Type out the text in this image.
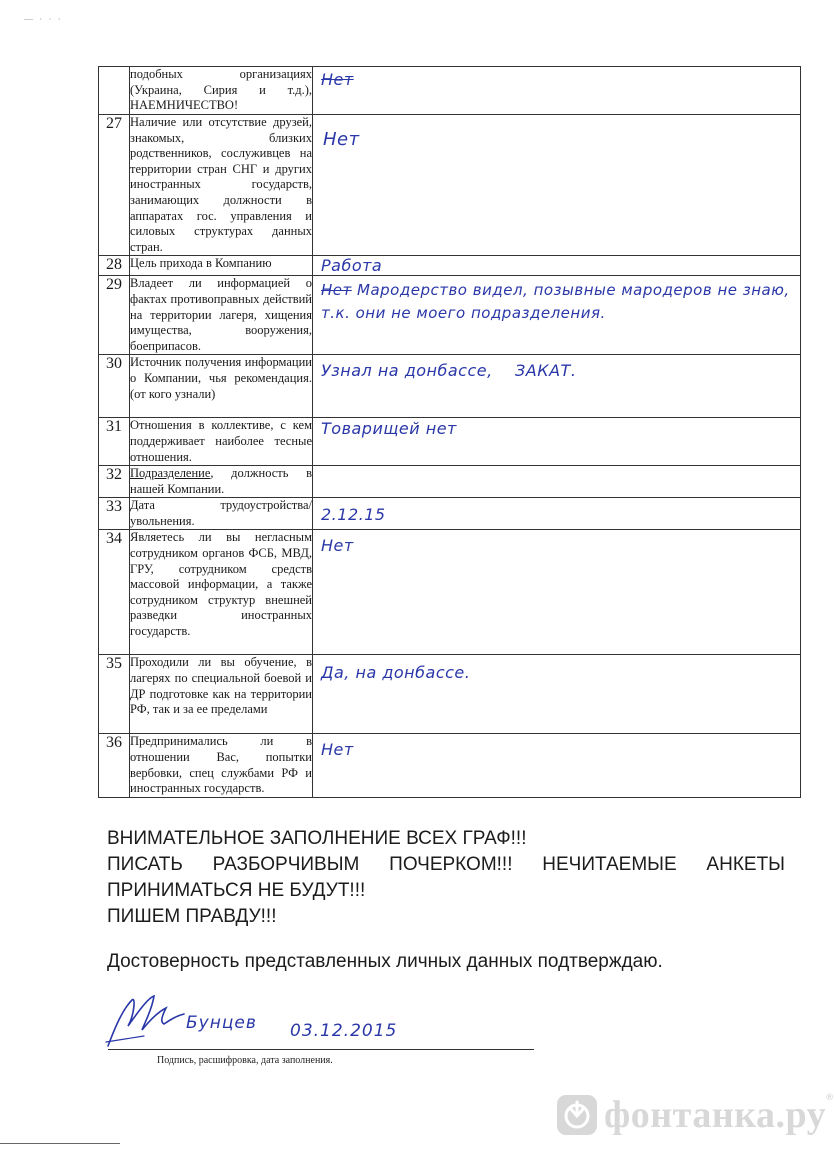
— · · ·
	подобных организациях (Украина, Сирия и т.д.), НАЕМНИЧЕСТВО!	Нет

27	Наличие или отсутствие друзей, знакомых, близких родственников, сослуживцев на территории стран СНГ и других иностранных государств, занимающих должности в аппаратах гос. управления и силовых структурах данных стран.	Нет

28	Цель прихода в Компанию	Работа

29	Владеет ли информацией о фактах противоправных действий на территории лагеря, хищения имущества, вооружения, боеприпасов.	Нет Мародерство видел, позывные мародеров не знаю, т.к. они не моего подразделения.

30	Источник получения информации о Компании, чья рекомендация. (от кого узнали)	Узнал на донбассе,    ЗАКАТ.

31	Отношения в коллективе, с кем поддерживает наиболее тесные отношения.	Товарищей нет

32	Подразделение, должность в нашей Компании.	

33	Дата трудоустройства/увольнения.	2.12.15

34	Являетесь ли вы негласным сотрудником органов ФСБ, МВД, ГРУ, сотрудником средств массовой информации, а также сотрудником структур внешней разведки иностранных государств.	Нет

35	Проходили ли вы обучение, в лагерях по специальной боевой и ДР подготовке как на территории РФ, так и за ее пределами	Да, на донбассе.

36	Предпринимались ли в отношении Вас, попытки вербовки, спец службами РФ и иностранных государств.	Нет
ВНИМАТЕЛЬНОЕ ЗАПОЛНЕНИЕ ВСЕХ ГРАФ!!!
ПИСАТЬ РАЗБОРЧИВЫМ ПОЧЕРКОМ!!! НЕЧИТАЕМЫЕ АНКЕТЫ
ПРИНИМАТЬСЯ НЕ БУДУТ!!!
ПИШЕМ ПРАВДУ!!!
Достоверность представленных личных данных подтверждаю.
Бунцев 03.12.2015
Подпись, расшифровка, дата заполнения.
фонтанка.ру ®
